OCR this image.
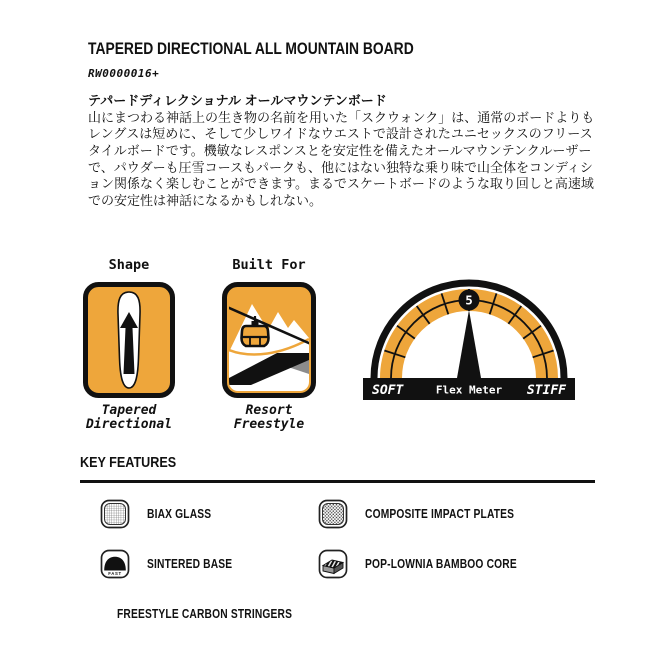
TAPERED DIRECTIONAL ALL MOUNTAIN BOARD
RW0000016+
テパードディレクショナル オールマウンテンボード
山にまつわる神話上の生き物の名前を用いた「スクウォンク」は、通常のボードよりもレングスは短めに、そして少しワイドなウエストで設計されたユニセックスのフリースタイルボードです。機敏なレスポンスとを安定性を備えたオールマウンテンクルーザーで、パウダーも圧雪コースもパークも、他にはない独特な乗り味で山全体をコンディション関係なく楽しむことができます。まるでスケートボードのような取り回しと高速域での安定性は神話になるかもしれない。
Shape
Tapered
Directional
Built For
Resort Freestyle
5
SOFT	Flex Meter STIFF
KEY FEATURES
BIAX GLASS	COMPOSITE IMPACT PLATES
FAST
SINTERED BASE	POP-LOWNIA BAMBOO CORE
FREESTYLE CARBON STRINGERS
